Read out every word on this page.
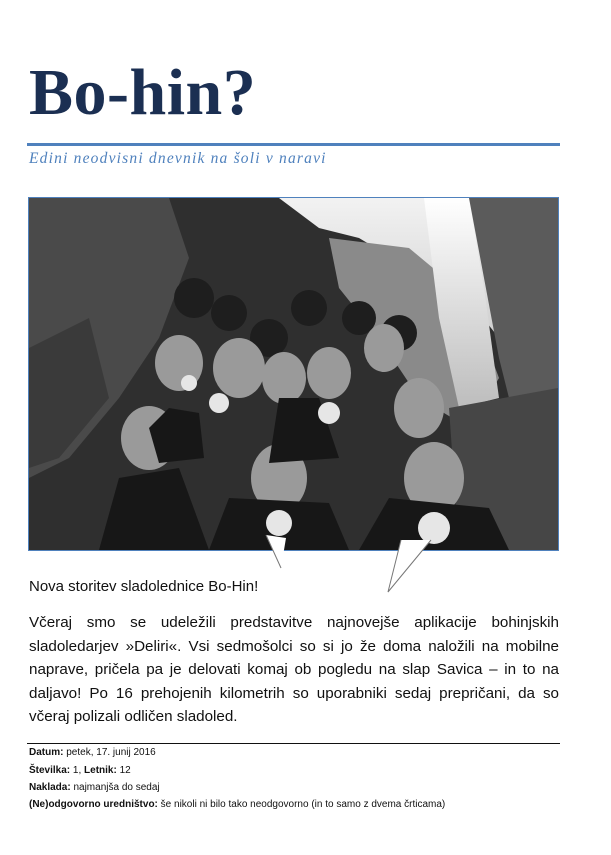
Bo-hin?
Edini neodvisni dnevnik na šoli v naravi
Nova storitev sladolednice Bo-Hin!

Včeraj smo se udeležili predstavitve najnovejše aplikacije bohinjskih sladoledarjev »Deliri«. Vsi sedmošolci so si jo že doma naložili na mobilne naprave, pričela pa je delovati komaj ob pogledu na slap Savica – in to na daljavo! Po 16 prehojenih kilometrih so uporabniki sedaj prepričani, da so včeraj polizali odličen sladoled.

Datum: petek, 17. junij 2016
Številka: 1, Letnik: 12
Naklada: najmanjša do sedaj
(Ne)odgovorno uredništvo: še nikoli ni bilo tako neodgovorno (in to samo z dvema črticama)
